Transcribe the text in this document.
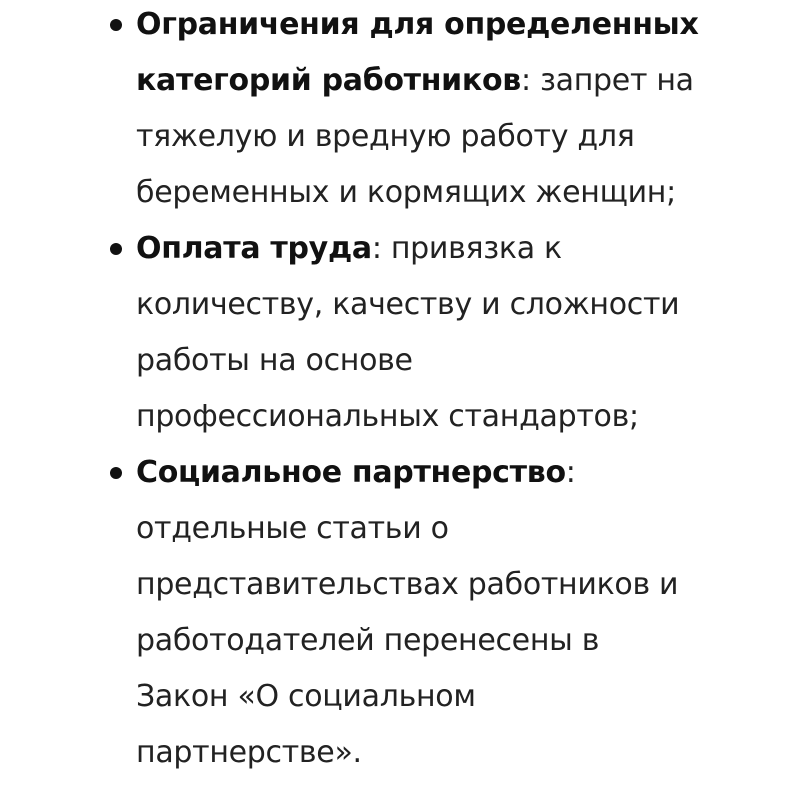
Ограничения для определенных категорий работников: запрет на тяжелую и вредную работу для беременных и кормящих женщин;
Оплата труда: привязка к количеству, качеству и сложности работы на основе профессиональных стандартов;
Социальное партнерство: отдельные статьи о представительствах работников и работодателей перенесены в Закон «О социальном партнерстве».
